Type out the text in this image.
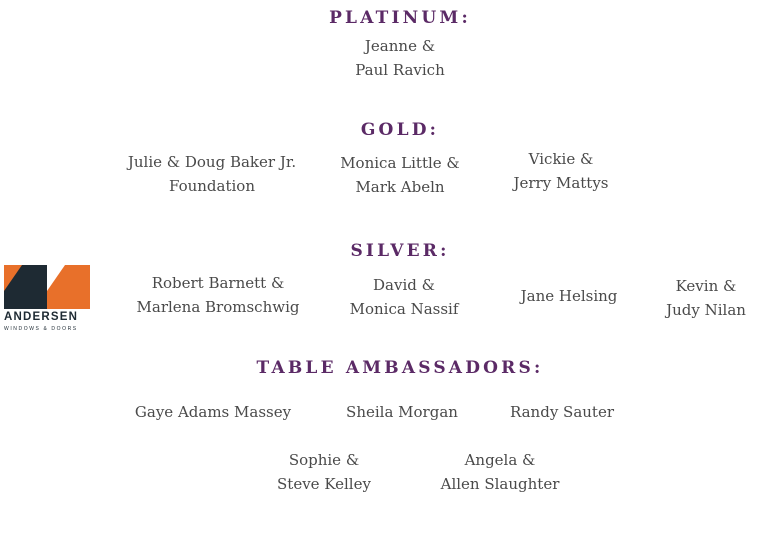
PLATINUM:
Jeanne &
Paul Ravich
GOLD:
Julie & Doug Baker Jr.
Foundation
Monica Little &
Mark Abeln
Vickie &
Jerry Mattys
SILVER:
ANDERSEN
WINDOWS & DOORS
Robert Barnett &
Marlena Bromschwig
David &
Monica Nassif
Jane Helsing
Kevin &
Judy Nilan
TABLE AMBASSADORS:
Gaye Adams Massey	Sheila Morgan	Randy Sauter
Sophie &
Steve Kelley
Angela &
Allen Slaughter
